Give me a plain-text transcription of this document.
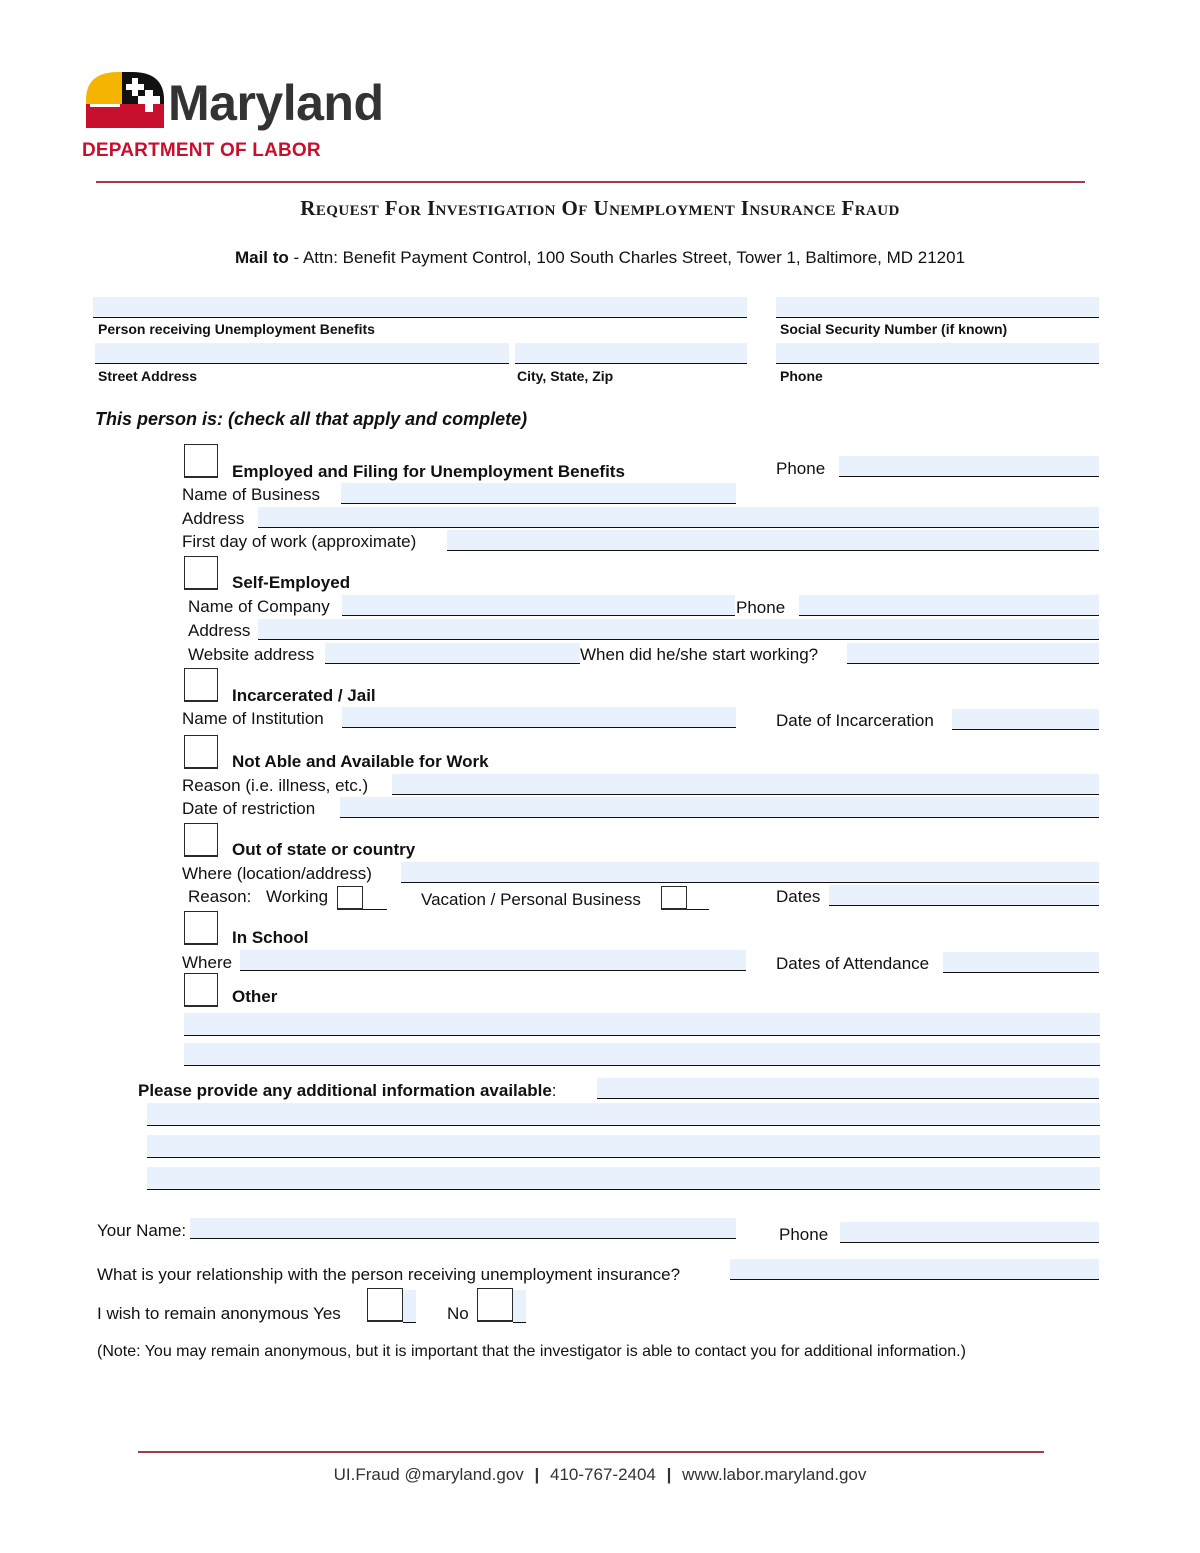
Maryland
DEPARTMENT OF LABOR
Request For Investigation Of Unemployment Insurance Fraud
Mail to - Attn: Benefit Payment Control, 100 South Charles Street, Tower 1, Baltimore, MD 21201
Person receiving Unemployment Benefits	Social Security Number (if known)
Street Address	City, State, Zip	Phone
This person is: (check all that apply and complete)
Employed and Filing for Unemployment Benefits	Phone
Name of Business
Address
First day of work (approximate)
Self-Employed
Name of Company	Phone
Address
Website address	When did he/she start working?
Incarcerated / Jail
Name of Institution	Date of Incarceration
Not Able and Available for Work
Reason (i.e. illness, etc.)
Date of restriction
Out of state or country
Where (location/address)
Reason: Working	Vacation / Personal Business	Dates
In School
Where	Dates of Attendance
Other
Please provide any additional information available:
Your Name:	Phone
What is your relationship with the person receiving unemployment insurance?
I wish to remain anonymous Yes	No
(Note: You may remain anonymous, but it is important that the investigator is able to contact you for additional information.)
UI.Fraud @maryland.gov | 410-767-2404 | www.labor.maryland.gov
